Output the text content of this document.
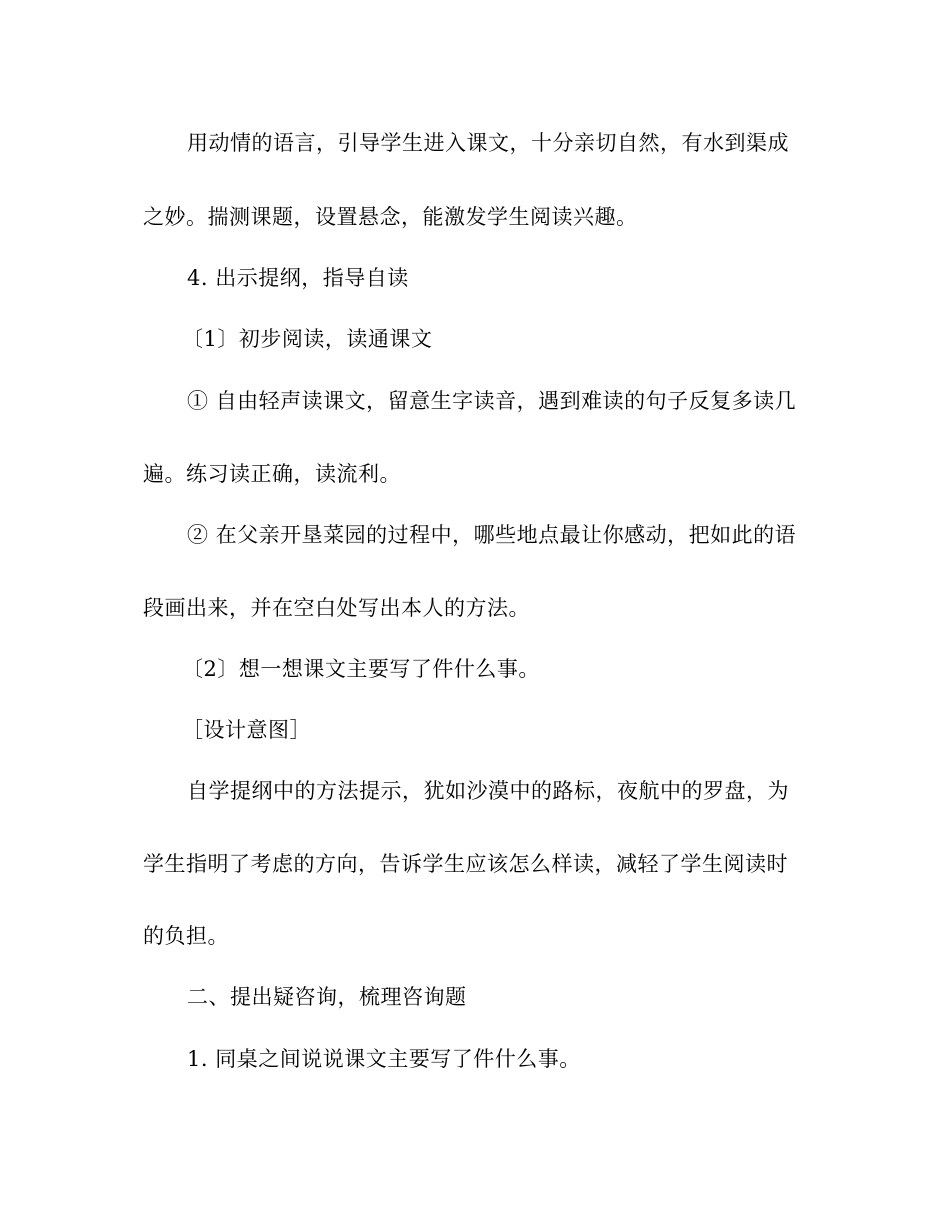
用动情的语言，引导学生进入课文，十分亲切自然，有水到渠成
之妙。揣测课题，设置悬念，能激发学生阅读兴趣。
4. 出示提纲，指导自读
〔1〕初步阅读，读通课文
① 自由轻声读课文，留意生字读音，遇到难读的句子反复多读几
遍。练习读正确，读流利。
② 在父亲开垦菜园的过程中，哪些地点最让你感动，把如此的语
段画出来，并在空白处写出本人的方法。
〔2〕想一想课文主要写了件什么事。
［设计意图］
自学提纲中的方法提示，犹如沙漠中的路标，夜航中的罗盘，为
学生指明了考虑的方向，告诉学生应该怎么样读，减轻了学生阅读时
的负担。
二、提出疑咨询，梳理咨询题
1. 同桌之间说说课文主要写了件什么事。
